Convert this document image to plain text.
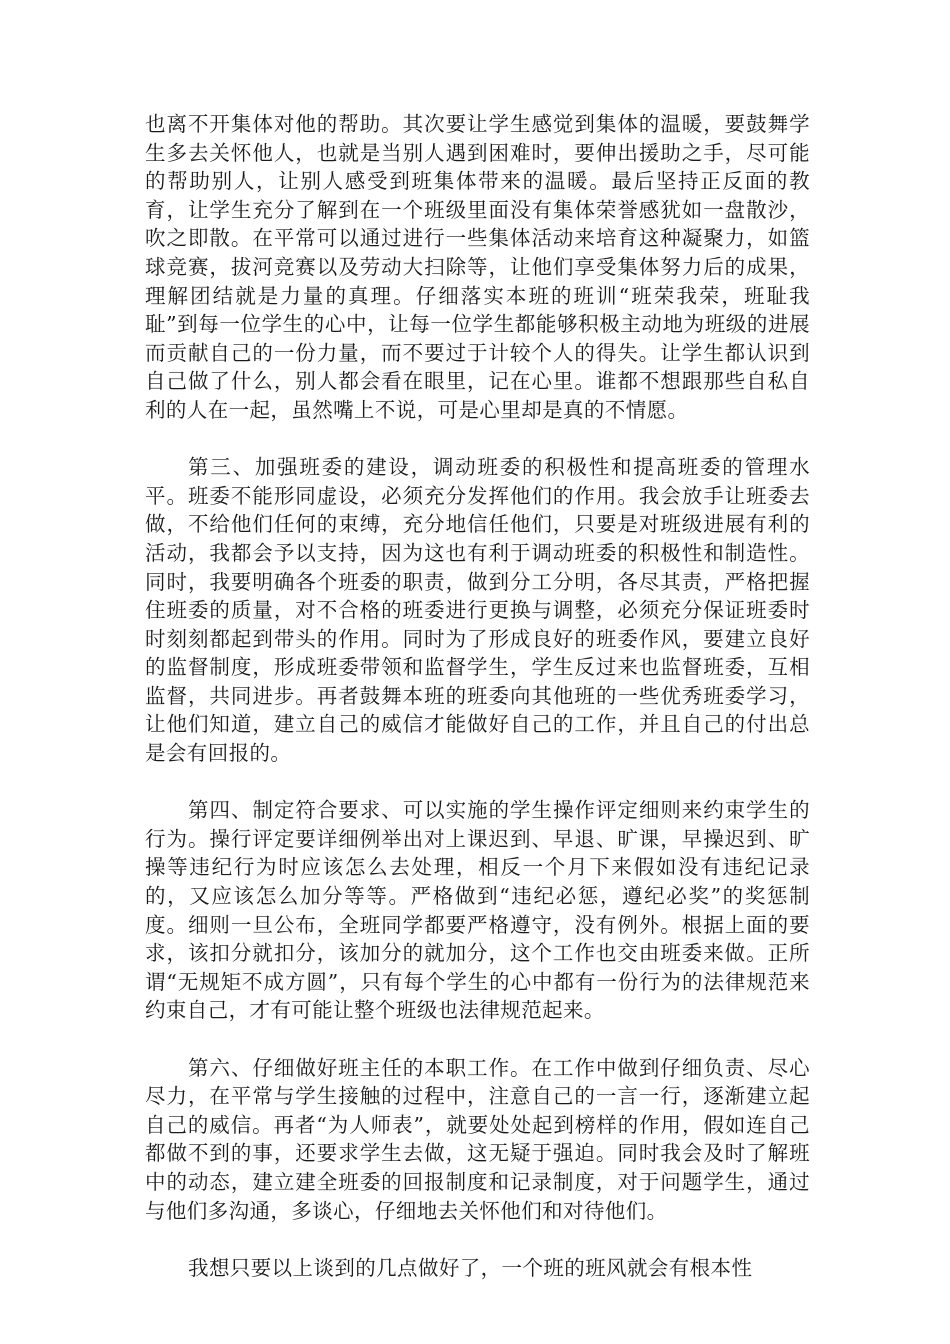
也离不开集体对他的帮助。其次要让学生感觉到集体的温暖，要鼓舞学生多去关怀他人，也就是当别人遇到困难时，要伸出援助之手，尽可能的帮助别人，让别人感受到班集体带来的温暖。最后坚持正反面的教育，让学生充分了解到在一个班级里面没有集体荣誉感犹如一盘散沙，吹之即散。在平常可以通过进行一些集体活动来培育这种凝聚力，如篮球竞赛，拔河竞赛以及劳动大扫除等，让他们享受集体努力后的成果，理解团结就是力量的真理。仔细落实本班的班训“班荣我荣，班耻我耻”到每一位学生的心中，让每一位学生都能够积极主动地为班级的进展而贡献自己的一份力量，而不要过于计较个人的得失。让学生都认识到自己做了什么，别人都会看在眼里，记在心里。谁都不想跟那些自私自利的人在一起，虽然嘴上不说，可是心里却是真的不情愿。

第三、加强班委的建设，调动班委的积极性和提高班委的管理水平。班委不能形同虚设，必须充分发挥他们的作用。我会放手让班委去做，不给他们任何的束缚，充分地信任他们，只要是对班级进展有利的活动，我都会予以支持，因为这也有利于调动班委的积极性和制造性。同时，我要明确各个班委的职责，做到分工分明，各尽其责，严格把握住班委的质量，对不合格的班委进行更换与调整，必须充分保证班委时时刻刻都起到带头的作用。同时为了形成良好的班委作风，要建立良好的监督制度，形成班委带领和监督学生，学生反过来也监督班委，互相监督，共同进步。再者鼓舞本班的班委向其他班的一些优秀班委学习，让他们知道，建立自己的威信才能做好自己的工作，并且自己的付出总是会有回报的。

第四、制定符合要求、可以实施的学生操作评定细则来约束学生的行为。操行评定要详细例举出对上课迟到、早退、旷课，早操迟到、旷操等违纪行为时应该怎么去处理，相反一个月下来假如没有违纪记录的，又应该怎么加分等等。严格做到“违纪必惩，遵纪必奖”的奖惩制度。细则一旦公布，全班同学都要严格遵守，没有例外。根据上面的要求，该扣分就扣分，该加分的就加分，这个工作也交由班委来做。正所谓“无规矩不成方圆”，只有每个学生的心中都有一份行为的法律规范来约束自己，才有可能让整个班级也法律规范起来。

第六、仔细做好班主任的本职工作。在工作中做到仔细负责、尽心尽力，在平常与学生接触的过程中，注意自己的一言一行，逐渐建立起自己的威信。再者“为人师表”，就要处处起到榜样的作用，假如连自己都做不到的事，还要求学生去做，这无疑于强迫。同时我会及时了解班中的动态，建立建全班委的回报制度和记录制度，对于问题学生，通过与他们多沟通，多谈心，仔细地去关怀他们和对待他们。

我想只要以上谈到的几点做好了，一个班的班风就会有根本性
